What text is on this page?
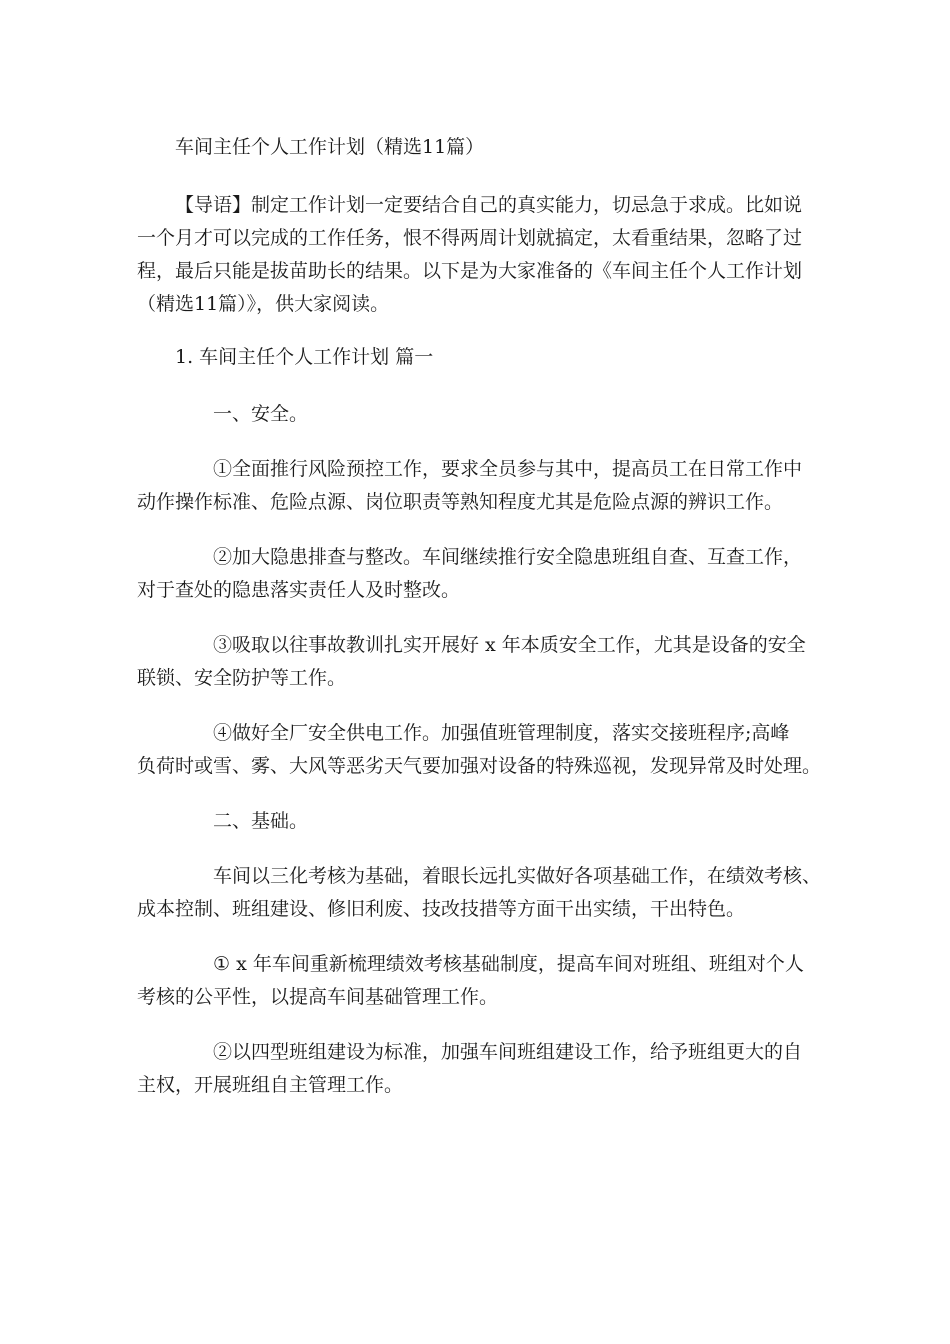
车间主任个人工作计划（精选11篇）

【导语】制定工作计划一定要结合自己的真实能力，切忌急于求成。比如说

一个月才可以完成的工作任务，恨不得两周计划就搞定，太看重结果，忽略了过

程，最后只能是拔苗助长的结果。以下是为大家准备的《车间主任个人工作计划

（精选11篇）》，供大家阅读。

1. 车间主任个人工作计划 篇一

一、安全。

①全面推行风险预控工作，要求全员参与其中，提高员工在日常工作中

动作操作标准、危险点源、岗位职责等熟知程度尤其是危险点源的辨识工作。

②加大隐患排查与整改。车间继续推行安全隐患班组自查、互查工作，

对于查处的隐患落实责任人及时整改。

③吸取以往事故教训扎实开展好 x 年本质安全工作，尤其是设备的安全

联锁、安全防护等工作。

④做好全厂安全供电工作。加强值班管理制度，落实交接班程序;高峰

负荷时或雪、雾、大风等恶劣天气要加强对设备的特殊巡视，发现异常及时处理。

二、基础。

车间以三化考核为基础，着眼长远扎实做好各项基础工作，在绩效考核、

成本控制、班组建设、修旧利废、技改技措等方面干出实绩，干出特色。

① x 年车间重新梳理绩效考核基础制度，提高车间对班组、班组对个人

考核的公平性，以提高车间基础管理工作。

②以四型班组建设为标准，加强车间班组建设工作，给予班组更大的自

主权，开展班组自主管理工作。
